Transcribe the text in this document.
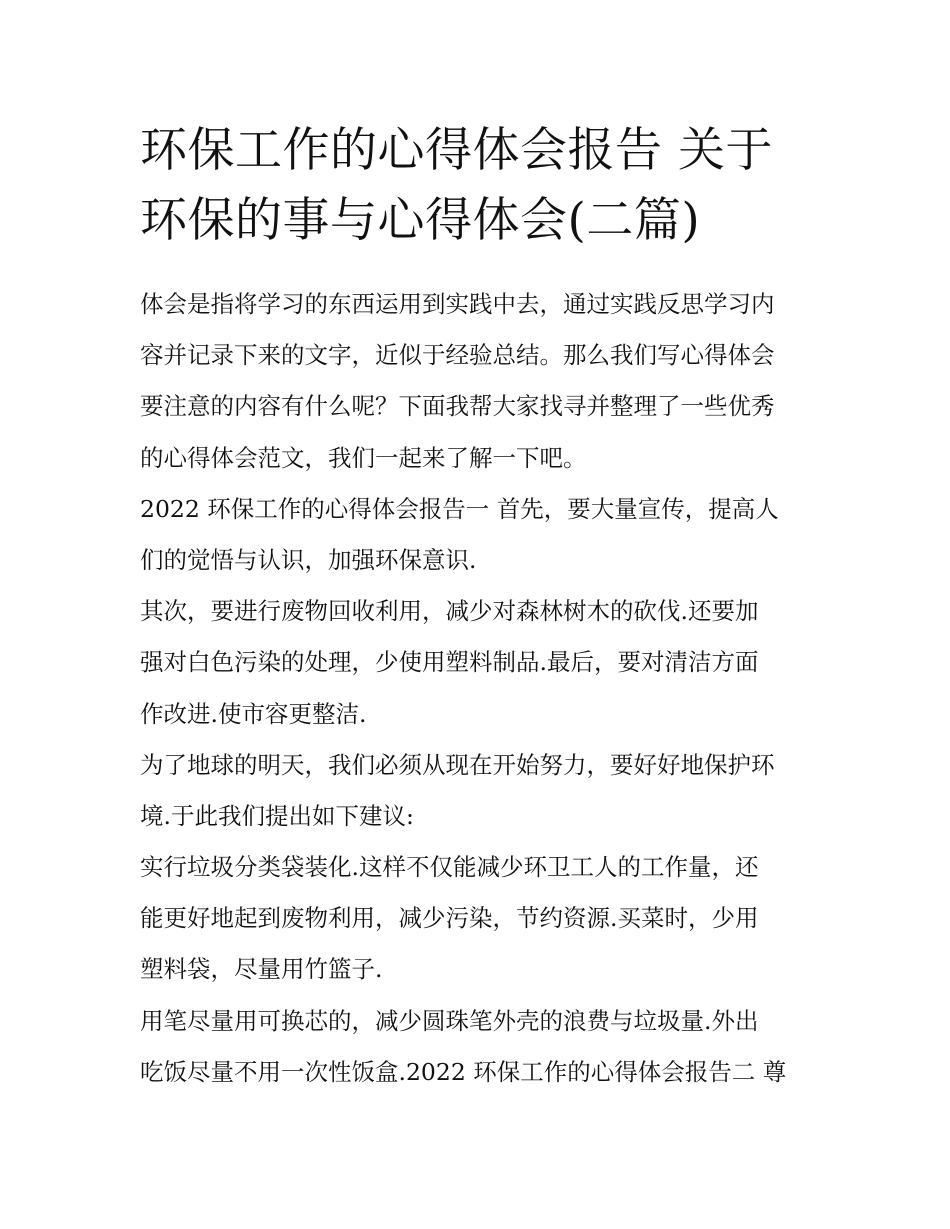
环保工作的心得体会报告 关于
环保的事与心得体会(二篇)

体会是指将学习的东西运用到实践中去，通过实践反思学习内
容并记录下来的文字，近似于经验总结。那么我们写心得体会
要注意的内容有什么呢？下面我帮大家找寻并整理了一些优秀
的心得体会范文，我们一起来了解一下吧。

2022 环保工作的心得体会报告一 首先，要大量宣传，提高人
们的觉悟与认识，加强环保意识.

其次，要进行废物回收利用，减少对森林树木的砍伐.还要加
强对白色污染的处理，少使用塑料制品.最后，要对清洁方面
作改进.使市容更整洁.

为了地球的明天，我们必须从现在开始努力，要好好地保护环
境.于此我们提出如下建议:

实行垃圾分类袋装化.这样不仅能减少环卫工人的工作量，还
能更好地起到废物利用，减少污染，节约资源.买菜时，少用
塑料袋，尽量用竹篮子.

用笔尽量用可换芯的，减少圆珠笔外壳的浪费与垃圾量.外出
吃饭尽量不用一次性饭盒.2022 环保工作的心得体会报告二 尊
